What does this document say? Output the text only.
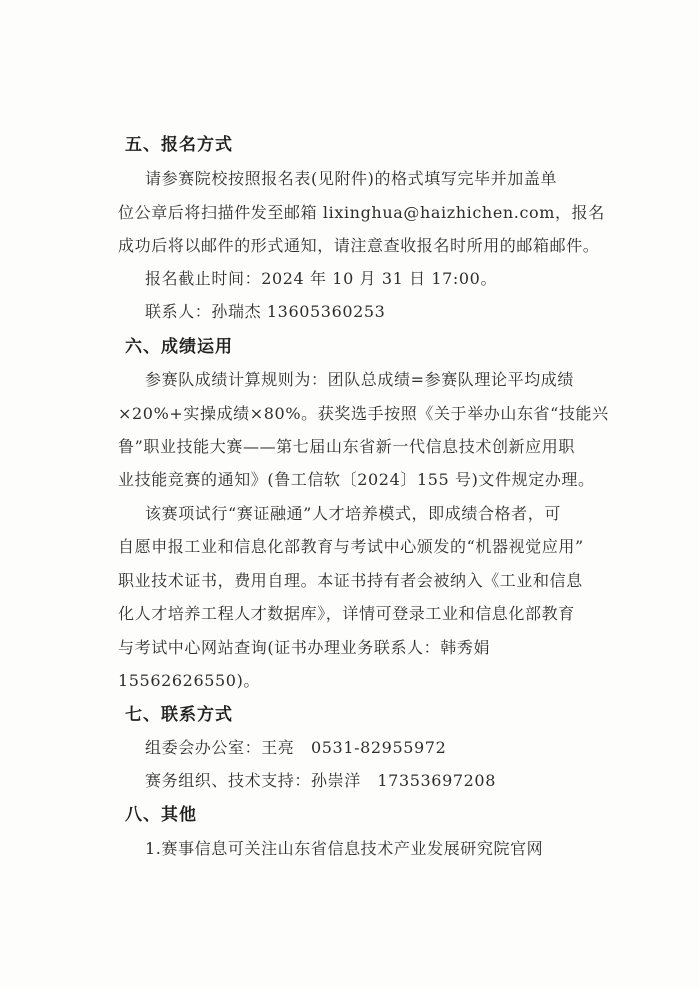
五、报名方式
请参赛院校按照报名表(见附件)的格式填写完毕并加盖单
位公章后将扫描件发至邮箱 lixinghua@haizhichen.com，报名
成功后将以邮件的形式通知，请注意查收报名时所用的邮箱邮件。
报名截止时间：2024 年 10 月 31 日 17:00。
联系人：孙瑞杰 13605360253
六、成绩运用
参赛队成绩计算规则为：团队总成绩=参赛队理论平均成绩
×20%+实操成绩×80%。获奖选手按照《关于举办山东省“技能兴
鲁”职业技能大赛——第七届山东省新一代信息技术创新应用职
业技能竞赛的通知》(鲁工信软〔2024〕155 号)文件规定办理。
该赛项试行“赛证融通”人才培养模式，即成绩合格者，可
自愿申报工业和信息化部教育与考试中心颁发的“机器视觉应用”
职业技术证书，费用自理。本证书持有者会被纳入《工业和信息
化人才培养工程人才数据库》，详情可登录工业和信息化部教育
与考试中心网站查询(证书办理业务联系人：韩秀娟
15562626550)。
七、联系方式
组委会办公室：王亮　0531-82955972
赛务组织、技术支持：孙崇洋　17353697208
八、其他
1.赛事信息可关注山东省信息技术产业发展研究院官网
